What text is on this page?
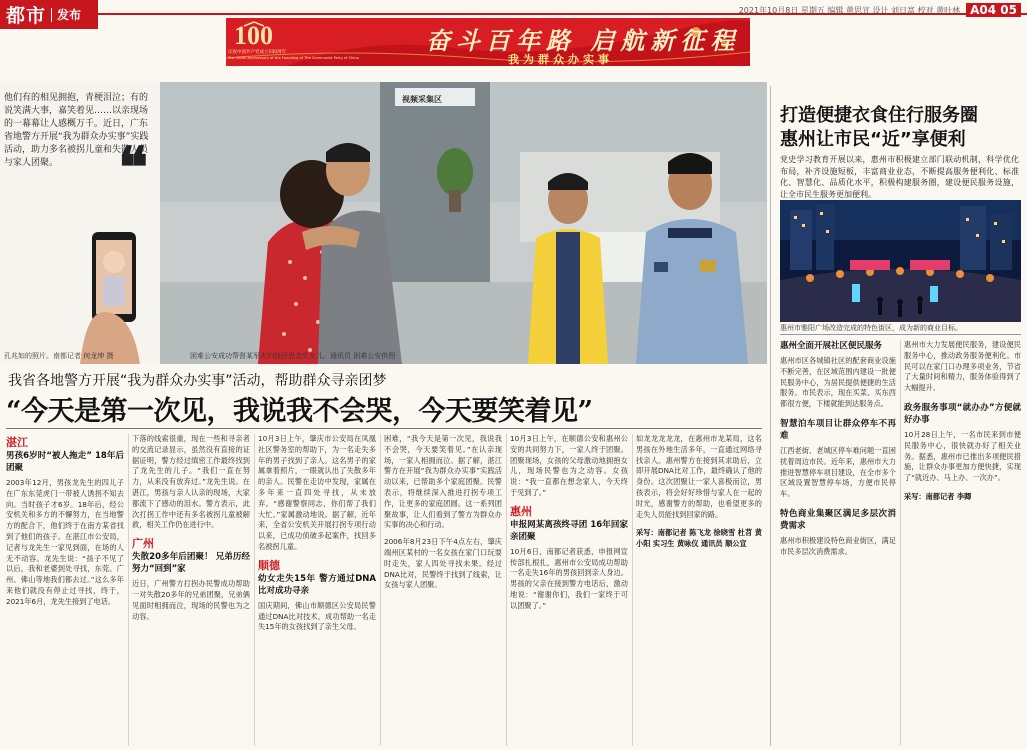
都市 发布	2021年10月8日 星期五 编辑 黄思宣 设计 刘日富 校对 黄叶林 A04 05
100
庆祝中国共产党成立100周年
The 100th Anniversary of the Founding of The Communist Party of China
奋斗百年路 启航新征程
我为群众办实事
视频采集区
他们有的相见拥抱，青梗泪泣；有的说笑满大事，嘉笑着见……以亲现场的一幕幕让人感概万千。近日，广东省地警方开展“我为群众办实事”实践活动，助力多名被拐儿童和失散人员与家人团聚。	❝
孔兆如的照片。南都记者 何龙坤 摄	困难公安成功帮督某军夫妇找回思念失女儿。通讯员 困难公安供图
我省各地警方开展“我为群众办实事”活动，帮助群众寻亲团梦
“今天是第一次见，我说我不会哭，今天要笑着见”
湛江
男孩6岁时“被人拖走” 18年后团聚
2003年12月，男孩龙先生的四儿子在广东东莞虎门一带被人诱拐不知去向。当时孩子才6岁。18年后，经公安机关和多方的不懈努力，在当地警方的配合下，他们终于在南方某省找到了他们的孩子。在湛江市公安局，记者与龙先生一家见到面，在场的人无不动容。龙先生说：“孩子不见了以后，我和老婆到处寻找，东莞、广州、佛山等地我们都去过。”这么多年来他们就没有停止过寻找，终于，2021年6月，龙先生接到了电话。
下落的线索很重，现在一些和寻亲者的交流记录显示，虽然没有直接的证据证明，警方经过缜密工作最终找到了龙先生的儿子。“我们一直在努力，从来没有放弃过。”龙先生说。在湛江，男孩与亲人认亲的现场，大家都流下了感动的泪水。警方表示，此次打拐工作中还有多名被拐儿童被解救，相关工作仍在进行中。
广州
失散20多年后团聚！ 兄弟历经努力“回到”家
近日，广州警方打拐办民警成功帮助一对失散20多年的兄弟团聚，兄弟俩见面时相拥而泣，现场的民警也为之动容。
10月3日上午，肇庆市公安局在凤凰社区警务室的帮助下，为一名走失多年的男子找到了亲人。这名男子的家属拿着照片，一眼就认出了失散多年的亲人。民警在走访中发现，家属在多年来一直四处寻找，从未放弃。“感谢警察同志，你们帮了我们大忙。”家属激动地说。据了解，近年来，全省公安机关开展打拐专项行动以来，已成功侦破多起案件，找回多名被拐儿童。
顺德
幼女走失15年 警方通过DNA比对成功寻亲
国庆期间，佛山市顺德区公安局民警通过DNA比对技术，成功帮助一名走失15年的女孩找到了亲生父母。
困难，“我今天是第一次见，我说我不会哭，今天要笑着见。”在认亲现场，一家人相拥而泣。据了解，湛江警方在开展“我为群众办实事”实践活动以来，已帮助多个家庭团聚。民警表示，将继续深入推进打拐专项工作，让更多的家庭团圆。这一系列团聚故事，让人们看到了警方为群众办实事的决心和行动。
2006年8月23日下午4点左右，肇庆端州区某村的一名女孩在家门口玩耍时走失，家人四处寻找未果。经过DNA比对，民警终于找到了线索，让女孩与家人团聚。
10月3日上午，在顺德公安和惠州公安的共同努力下，一家人终于团聚。团聚现场，女孩的父母激动地拥抱女儿，现场民警也为之动容。女孩说：“我一直都在想念家人，今天终于见到了。”
惠州
申报网某离孩终寻团 16年回家亲团聚
10月6日，南都记者获悉，申报网宣传部扎根扎，惠州市公安局成功帮助一名走失16年的男孩回到亲人身边。男孩的父亲在接到警方电话后，激动地说：“谢谢你们，我们一家终于可以团聚了。”
如龙龙龙龙龙，在惠州市龙某局，这名男孩在外地生活多年，一直通过网络寻找亲人。惠州警方在接到其求助后，立即开展DNA比对工作，最终确认了他的身份。这次团聚让一家人喜极而泣，男孩表示，将会好好珍惜与家人在一起的时光，感谢警方的帮助，也希望更多的走失人员能找到回家的路。
采写：南都记者 陈飞龙 徐晓雪 杜苕 黄小阳 实习生 黄咏仪 通讯员 顺公宣
打造便捷衣食住行服务圈
惠州让市民“近”享便利
党史学习教育开展以来，惠州市积极建立部门联动机制，科学优化布局，补齐设施短板，丰富商业业态，不断提高服务便利化、标准化、智慧化、品质化水平，积极构建服务圈，建设便民服务设施，让全市民生服务更加便利。
惠州市雅阳广场改造完成的特色街区，成为新的商业目标。
惠州全面开展社区便民服务
惠州市区各城镇社区的配套商业设施不断完善，在区域范围内建设一批便民服务中心，为居民提供便捷的生活服务。市民表示，现在买菜、买东西都很方便，下楼就能到达服务点。
智慧泊车项目让群众停车不再难
江西老街、老城区停车难问题一直困扰着周边市民。近年来，惠州市大力推进智慧停车项目建设，在全市多个区域设置智慧停车场，方便市民停车。
特色商业集聚区满足多层次消费需求
惠州市积极建设特色商业街区，满足市民多层次消费需求。
惠州市大力发展便民服务，建设便民服务中心，推动政务服务便利化。市民可以在家门口办理多项业务，节省了大量时间和精力，服务体验得到了大幅提升。
政务服务事项“就办办”方便就好办事
10月28日上午，一名市民来到市便民服务中心，很快就办好了相关业务。据悉，惠州市已推出多项便民措施，让群众办事更加方便快捷，实现了“就近办、马上办、一次办”。
采写：南都记者 李卿
